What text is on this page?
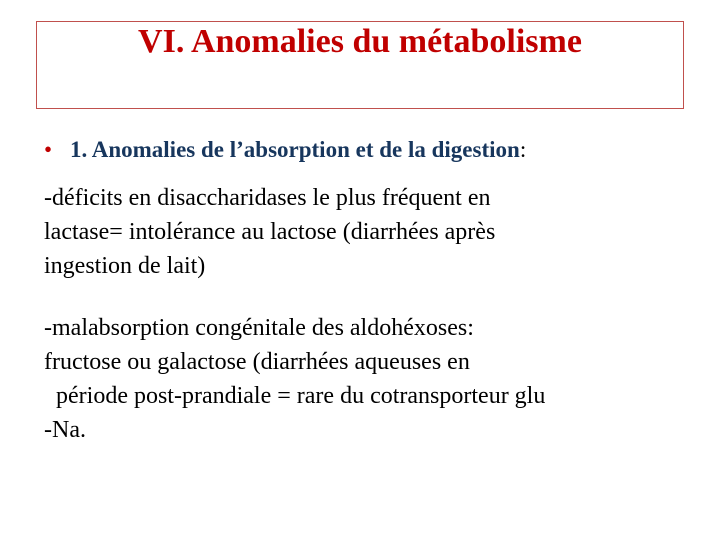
VI. Anomalies du métabolisme
• 1. Anomalies de l’absorption et de la digestion:
-déficits en disaccharidases le plus fréquent en
lactase= intolérance au lactose (diarrhées après
ingestion de lait)
-malabsorption congénitale des aldohéxoses:
fructose ou galactose (diarrhées aqueuses en
période post-prandiale = rare du cotransporteur glu
-Na.
